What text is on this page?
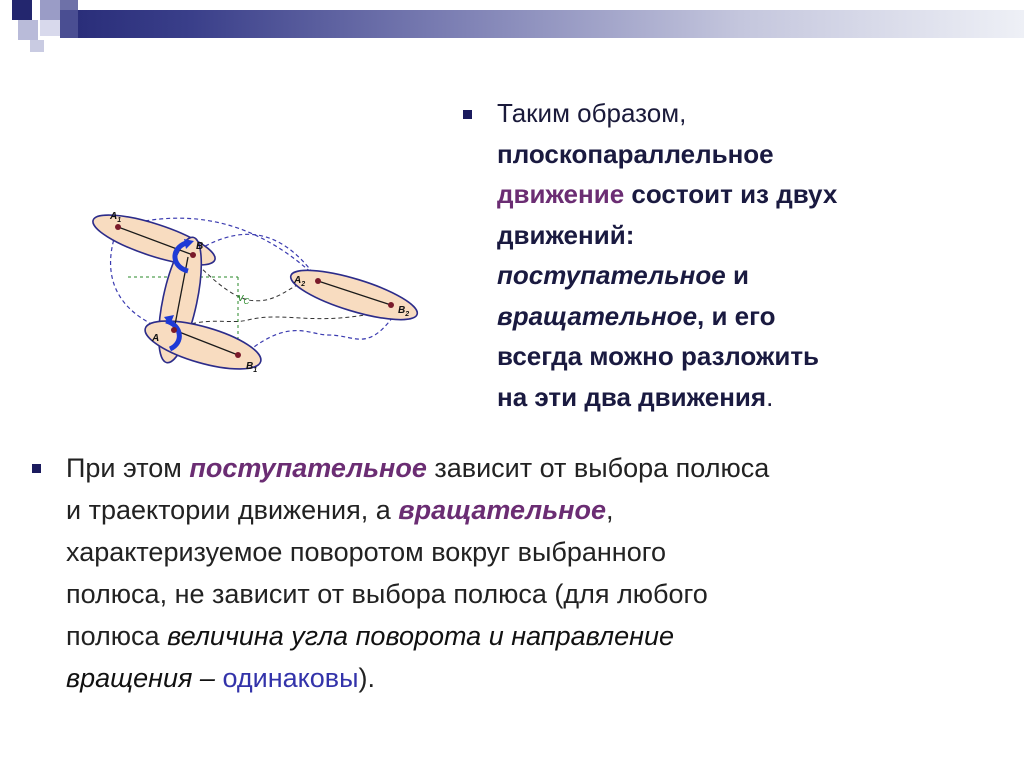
$A_1$
B
$A_2$
$B_2$
A
$B_1$
$v_C$
Таким образом,
плоскопараллельное
движение состоит из двух
движений:
поступательное и
вращательное, и его
всегда можно разложить
на эти два движения.
При этом поступательное зависит от выбора полюса
и траектории движения, а вращательное,
характеризуемое поворотом вокруг выбранного
полюса, не зависит от выбора полюса (для любого
полюса величина угла поворота и направление
вращения – одинаковы).
